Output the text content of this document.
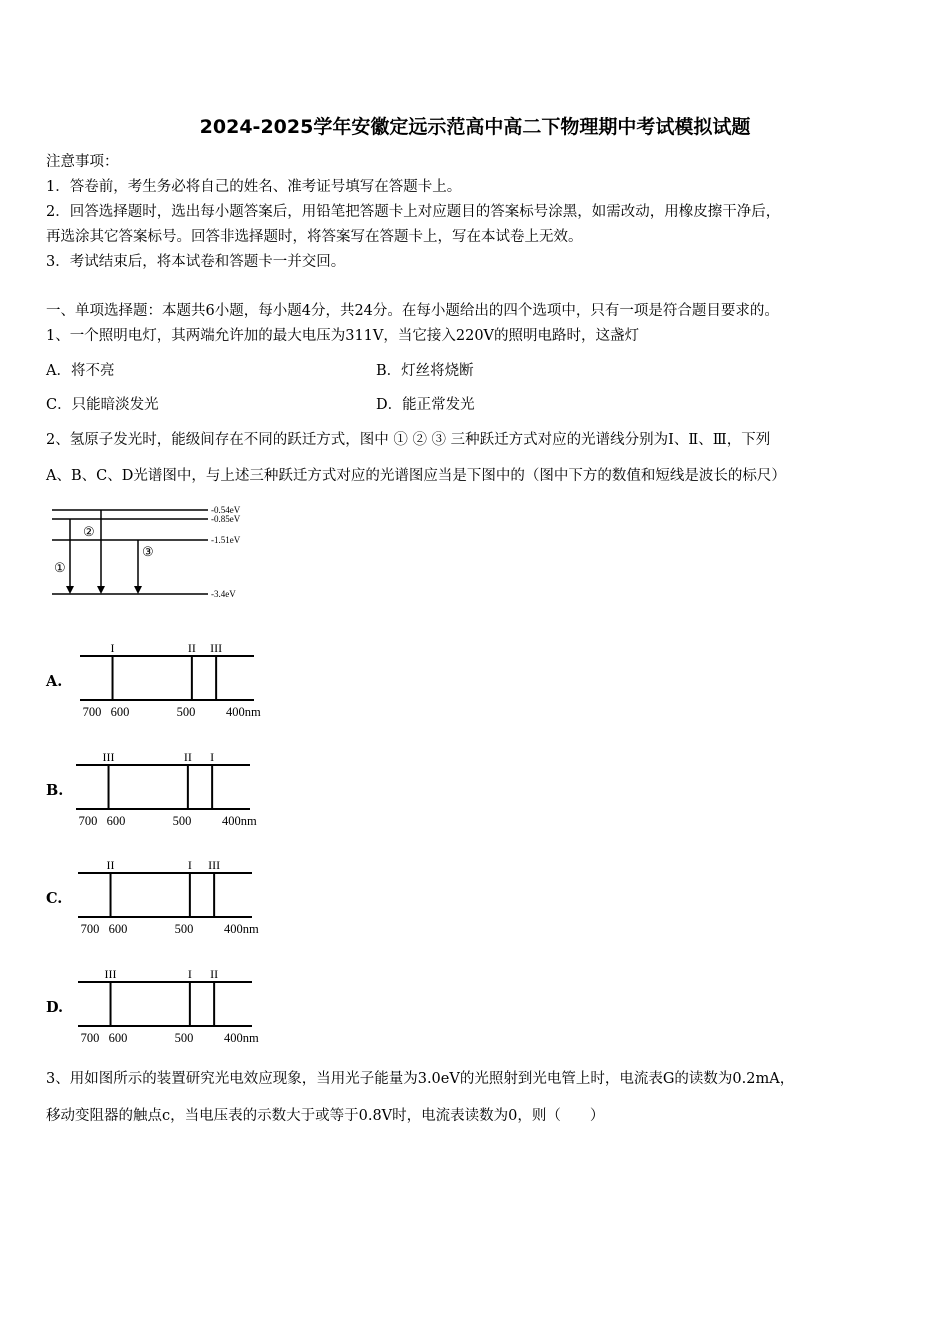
2024-2025学年安徽定远示范高中高二下物理期中考试模拟试题
注意事项：
1．答卷前，考生务必将自己的姓名、准考证号填写在答题卡上。
2．回答选择题时，选出每小题答案后，用铅笔把答题卡上对应题目的答案标号涂黑，如需改动，用橡皮擦干净后，
再选涂其它答案标号。回答非选择题时，将答案写在答题卡上，写在本试卷上无效。
3．考试结束后，将本试卷和答题卡一并交回。
一、单项选择题：本题共6小题，每小题4分，共24分。在每小题给出的四个选项中，只有一项是符合题目要求的。
1、一个照明电灯，其两端允许加的最大电压为311V，当它接入220V的照明电路时，这盏灯
A．将不亮	B．灯丝将烧断
C．只能暗淡发光	D．能正常发光
2、氢原子发光时，能级间存在不同的跃迁方式，图中 ① ② ③ 三种跃迁方式对应的光谱线分别为Ⅰ、Ⅱ、Ⅲ，下列
A、B、C、D光谱图中，与上述三种跃迁方式对应的光谱图应当是下图中的（图中下方的数值和短线是波长的标尺）
-0.54eV
-0.85eV
-1.51eV
-3.4eV
①
②
③
A.
B.
C.
D.
I	II III
700 600	500 400nm
III	II I
700 600	500 400nm
II	I III
700 600	500 400nm
III	I II
700 600	500 400nm
3、用如图所示的装置研究光电效应现象，当用光子能量为3.0eV的光照射到光电管上时，电流表G的读数为0.2mA，
移动变阻器的触点c，当电压表的示数大于或等于0.8V时，电流表读数为0，则（　　）
